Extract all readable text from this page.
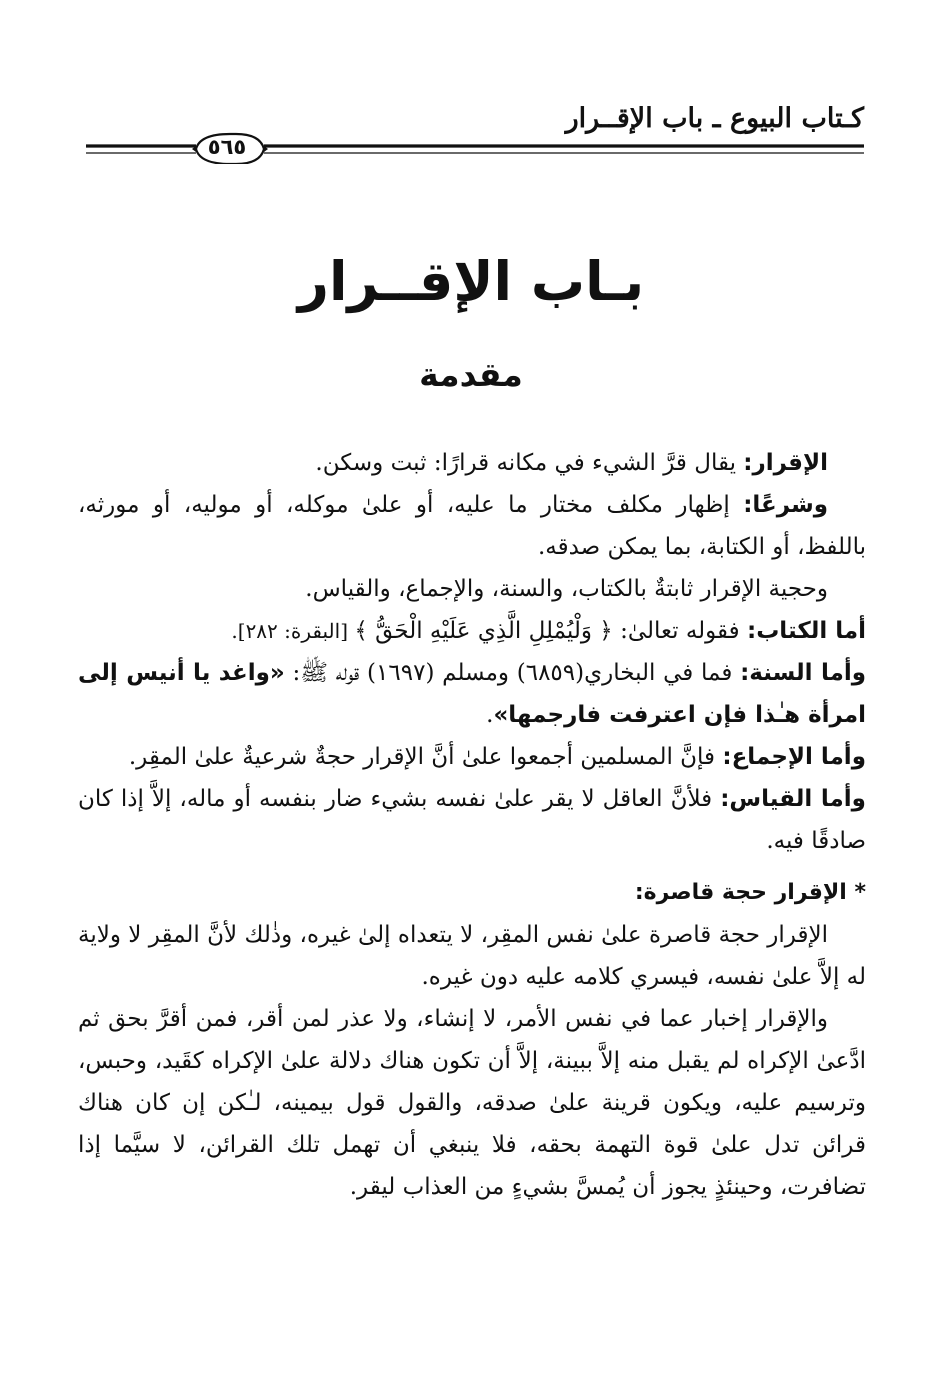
كـتاب البيوع ـ باب الإقــرار
٥٦٥
بـاب الإقــرار
مقدمة

الإقرار: يقال قرَّ الشيء في مكانه قرارًا: ثبت وسكن.

وشرعًا: إظهار مكلف مختار ما عليه، أو علىٰ موكله، أو موليه، أو مورثه، باللفظ، أو الكتابة، بما يمكن صدقه.

وحجية الإقرار ثابتةٌ بالكتاب، والسنة، والإجماع، والقياس.

أما الكتاب: فقوله تعالىٰ: ﴿ وَلْيُمْلِلِ الَّذِي عَلَيْهِ الْحَقُّ ﴾ [البقرة: ٢٨٢].

وأما السنة: فما في البخاري(٦٨٥٩) ومسلم (١٦٩٧) قوله ﷺ: «واغد يا أنيس إلى امرأة هـٰذا فإن اعترفت فارجمها».

وأما الإجماع: فإنَّ المسلمين أجمعوا علىٰ أنَّ الإقرار حجةٌ شرعيةٌ علىٰ المقِر.

وأما القياس: فلأنَّ العاقل لا يقر علىٰ نفسه بشيء ضار بنفسه أو ماله، إلاَّ إذا كان صادقًا فيه.

* الإقرار حجة قاصرة:

الإقرار حجة قاصرة علىٰ نفس المقِر، لا يتعداه إلىٰ غيره، وذٰلك لأنَّ المقِر لا ولاية له إلاَّ علىٰ نفسه، فيسري كلامه عليه دون غيره.

والإقرار إخبار عما في نفس الأمر، لا إنشاء، ولا عذر لمن أقر، فمن أقرَّ بحق ثم ادَّعىٰ الإكراه لم يقبل منه إلاَّ ببينة، إلاَّ أن تكون هناك دلالة علىٰ الإكراه كقَيد، وحبس، وترسيم عليه، ويكون قرينة علىٰ صدقه، والقول قول بيمينه، لـٰكن إن كان هناك قرائن تدل علىٰ قوة التهمة بحقه، فلا ينبغي أن تهمل تلك القرائن، لا سيَّما إذا تضافرت، وحينئذٍ يجوز أن يُمسَّ بشيءٍ من العذاب ليقر.
